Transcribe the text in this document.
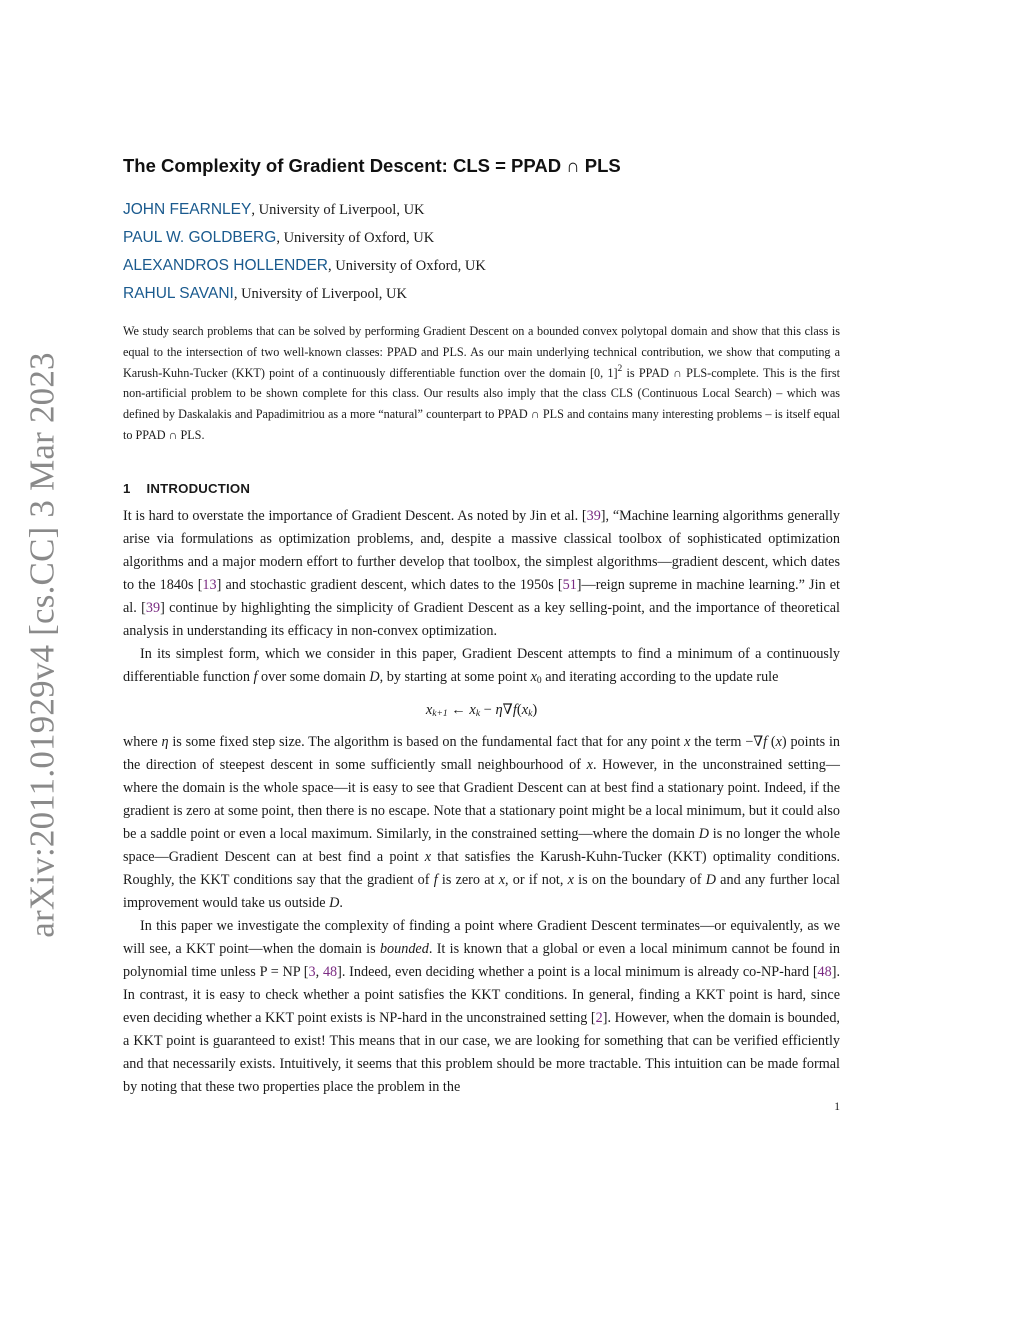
arXiv:2011.01929v4 [cs.CC] 3 Mar 2023
The Complexity of Gradient Descent: CLS = PPAD ∩ PLS
JOHN FEARNLEY, University of Liverpool, UK
PAUL W. GOLDBERG, University of Oxford, UK
ALEXANDROS HOLLENDER, University of Oxford, UK
RAHUL SAVANI, University of Liverpool, UK
We study search problems that can be solved by performing Gradient Descent on a bounded convex polytopal domain and show that this class is equal to the intersection of two well-known classes: PPAD and PLS. As our main underlying technical contribution, we show that computing a Karush-Kuhn-Tucker (KKT) point of a continuously differentiable function over the domain [0, 1]$^2$ is PPAD ∩ PLS-complete. This is the first non-artificial problem to be shown complete for this class. Our results also imply that the class CLS (Continuous Local Search) – which was defined by Daskalakis and Papadimitriou as a more “natural” counterpart to PPAD ∩ PLS and contains many interesting problems – is itself equal to PPAD ∩ PLS.
1 INTRODUCTION

It is hard to overstate the importance of Gradient Descent. As noted by Jin et al. [39], “Machine learning algorithms generally arise via formulations as optimization problems, and, despite a massive classical toolbox of sophisticated optimization algorithms and a major modern effort to further develop that toolbox, the simplest algorithms—gradient descent, which dates to the 1840s [13] and stochastic gradient descent, which dates to the 1950s [51]—reign supreme in machine learning.” Jin et al. [39] continue by highlighting the simplicity of Gradient Descent as a key selling-point, and the importance of theoretical analysis in understanding its efficacy in non-convex optimization.

In its simplest form, which we consider in this paper, Gradient Descent attempts to find a minimum of a continuously differentiable function f over some domain D, by starting at some point $x_0$ and iterating according to the update rule

$x_{k+1}$ ← $x_k - \eta\nabla f(x_k)$

where η is some fixed step size. The algorithm is based on the fundamental fact that for any point x the term −∇f (x) points in the direction of steepest descent in some sufficiently small neighbourhood of x. However, in the unconstrained setting—where the domain is the whole space—it is easy to see that Gradient Descent can at best find a stationary point. Indeed, if the gradient is zero at some point, then there is no escape. Note that a stationary point might be a local minimum, but it could also be a saddle point or even a local maximum. Similarly, in the constrained setting—where the domain D is no longer the whole space—Gradient Descent can at best find a point x that satisfies the Karush-Kuhn-Tucker (KKT) optimality conditions. Roughly, the KKT conditions say that the gradient of f is zero at x, or if not, x is on the boundary of D and any further local improvement would take us outside D.

In this paper we investigate the complexity of finding a point where Gradient Descent terminates—or equivalently, as we will see, a KKT point—when the domain is bounded. It is known that a global or even a local minimum cannot be found in polynomial time unless P = NP [3, 48]. Indeed, even deciding whether a point is a local minimum is already co-NP-hard [48]. In contrast, it is easy to check whether a point satisfies the KKT conditions. In general, finding a KKT point is hard, since even deciding whether a KKT point exists is NP-hard in the unconstrained setting [2]. However, when the domain is bounded, a KKT point is guaranteed to exist! This means that in our case, we are looking for something that can be verified efficiently and that necessarily exists. Intuitively, it seems that this problem should be more tractable. This intuition can be made formal by noting that these two properties place the problem in the

1
